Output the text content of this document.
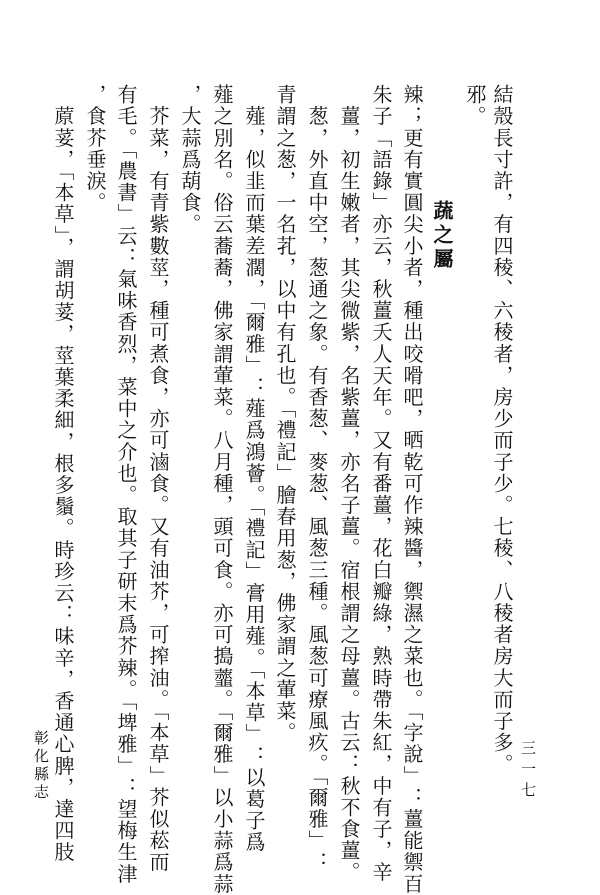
結殼長寸許，有四稜、六稜者，房少而子少。七稜、八稜者房大而子多。

邪。

辣；更有實圓尖小者，種出咬嗗吧，晒乾可作辣醬，禦濕之菜也。「字說」：薑能禦百

朱子「語錄」亦云，秋薑夭人天年。又有番薑，花白瓣綠，熟時帶朱紅，中有子，辛

　薑，初生嫩者，其尖微紫，名紫薑，亦名子薑。宿根謂之母薑。古云：秋不食薑。	蔬之屬

　葱，外直中空，葱通之象。有香葱、麥葱、風葱三種。風葱可療風疚。「爾雅」：

青謂之葱，一名芤，以中有孔也。「禮記」膾春用葱，佛家謂之葷菜。

　薤，似韭而葉差濶，「爾雅」：薤爲鴻薈。「禮記」膏用薤。「本草」：以葛子爲

薤之別名。俗云蕎蕎，佛家謂葷菜。八月種，頭可食。亦可搗虀。「爾雅」以小蒜爲蒜

，大蒜爲葫食。

　芥菜，有青紫數莖，種可煮食，亦可滷食。又有油芥，可搾油。「本草」芥似菘而

有毛。「農書」云：氣味香烈，菜中之介也。取其子研末爲芥辣。「埤雅」：望梅生津

，食芥垂淚。

　蒝荽，「本草」，謂胡荽，莖葉柔細，根多鬚。時珍云：味辛，香通心脾，達四肢

彰化縣志	三一七
